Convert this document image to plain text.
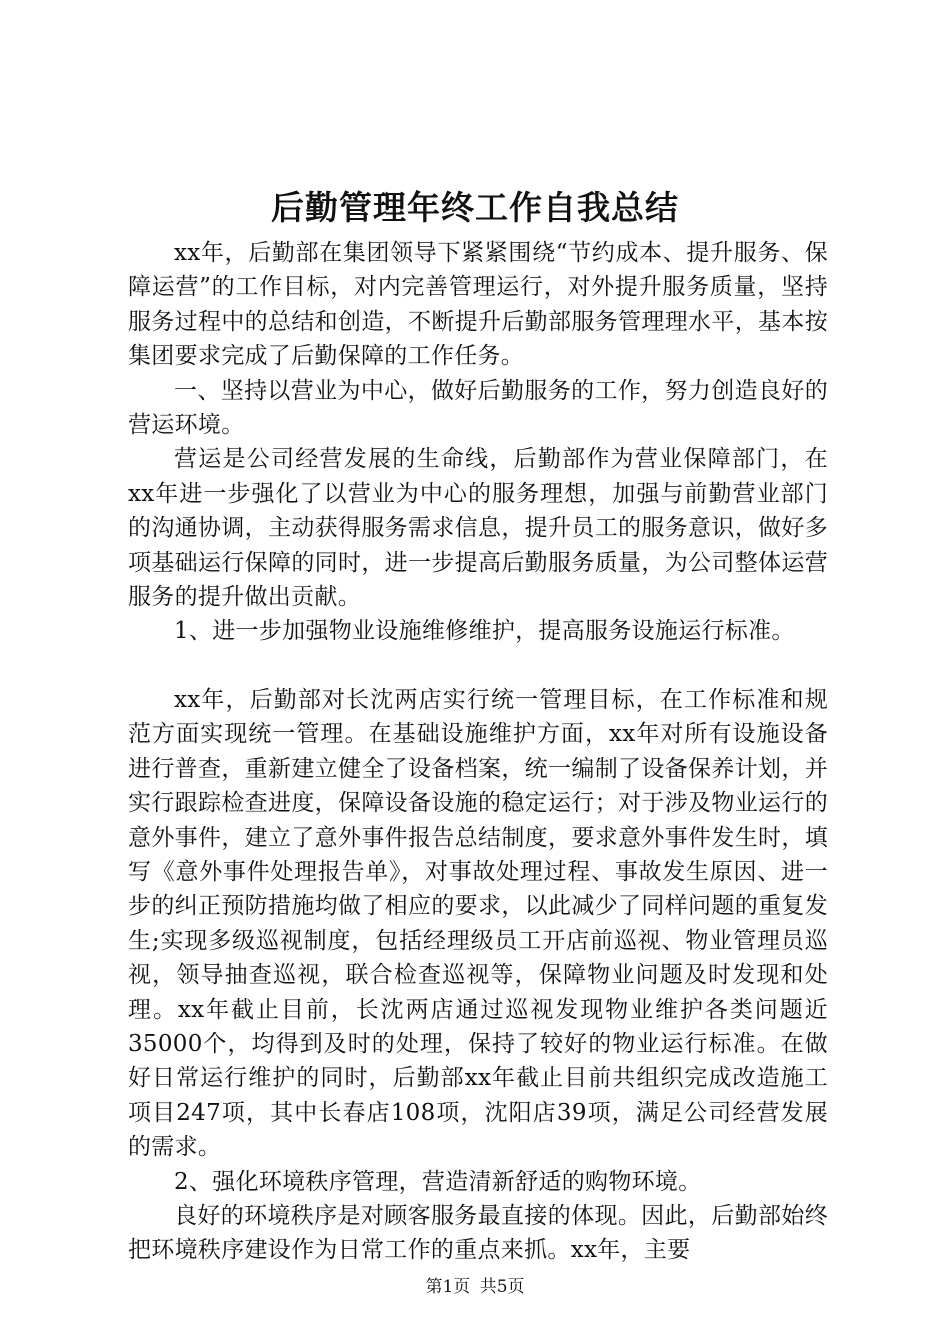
后勤管理年终工作自我总结

xx年，后勤部在集团领导下紧紧围绕“节约成本、提升服务、保障运营”的工作目标，对内完善管理运行，对外提升服务质量，坚持服务过程中的总结和创造，不断提升后勤部服务管理理水平，基本按集团要求完成了后勤保障的工作任务。

一、坚持以营业为中心，做好后勤服务的工作，努力创造良好的营运环境。

营运是公司经营发展的生命线，后勤部作为营业保障部门，在xx年进一步强化了以营业为中心的服务理想，加强与前勤营业部门的沟通协调，主动获得服务需求信息，提升员工的服务意识，做好多项基础运行保障的同时，进一步提高后勤服务质量，为公司整体运营服务的提升做出贡献。

1、进一步加强物业设施维修维护，提高服务设施运行标准。

xx年，后勤部对长沈两店实行统一管理目标，在工作标准和规范方面实现统一管理。在基础设施维护方面，xx年对所有设施设备进行普查，重新建立健全了设备档案，统一编制了设备保养计划，并实行跟踪检查进度，保障设备设施的稳定运行；对于涉及物业运行的意外事件，建立了意外事件报告总结制度，要求意外事件发生时，填写《意外事件处理报告单》，对事故处理过程、事故发生原因、进一步的纠正预防措施均做了相应的要求，以此减少了同样问题的重复发生;实现多级巡视制度，包括经理级员工开店前巡视、物业管理员巡视，领导抽查巡视，联合检查巡视等，保障物业问题及时发现和处理。xx年截止目前，长沈两店通过巡视发现物业维护各类问题近35000个，均得到及时的处理，保持了较好的物业运行标准。在做好日常运行维护的同时，后勤部xx年截止目前共组织完成改造施工项目247项，其中长春店108项，沈阳店39项，满足公司经营发展的需求。

2、强化环境秩序管理，营造清新舒适的购物环境。

良好的环境秩序是对顾客服务最直接的体现。因此，后勤部始终把环境秩序建设作为日常工作的重点来抓。xx年，主要

第1页 共5页
